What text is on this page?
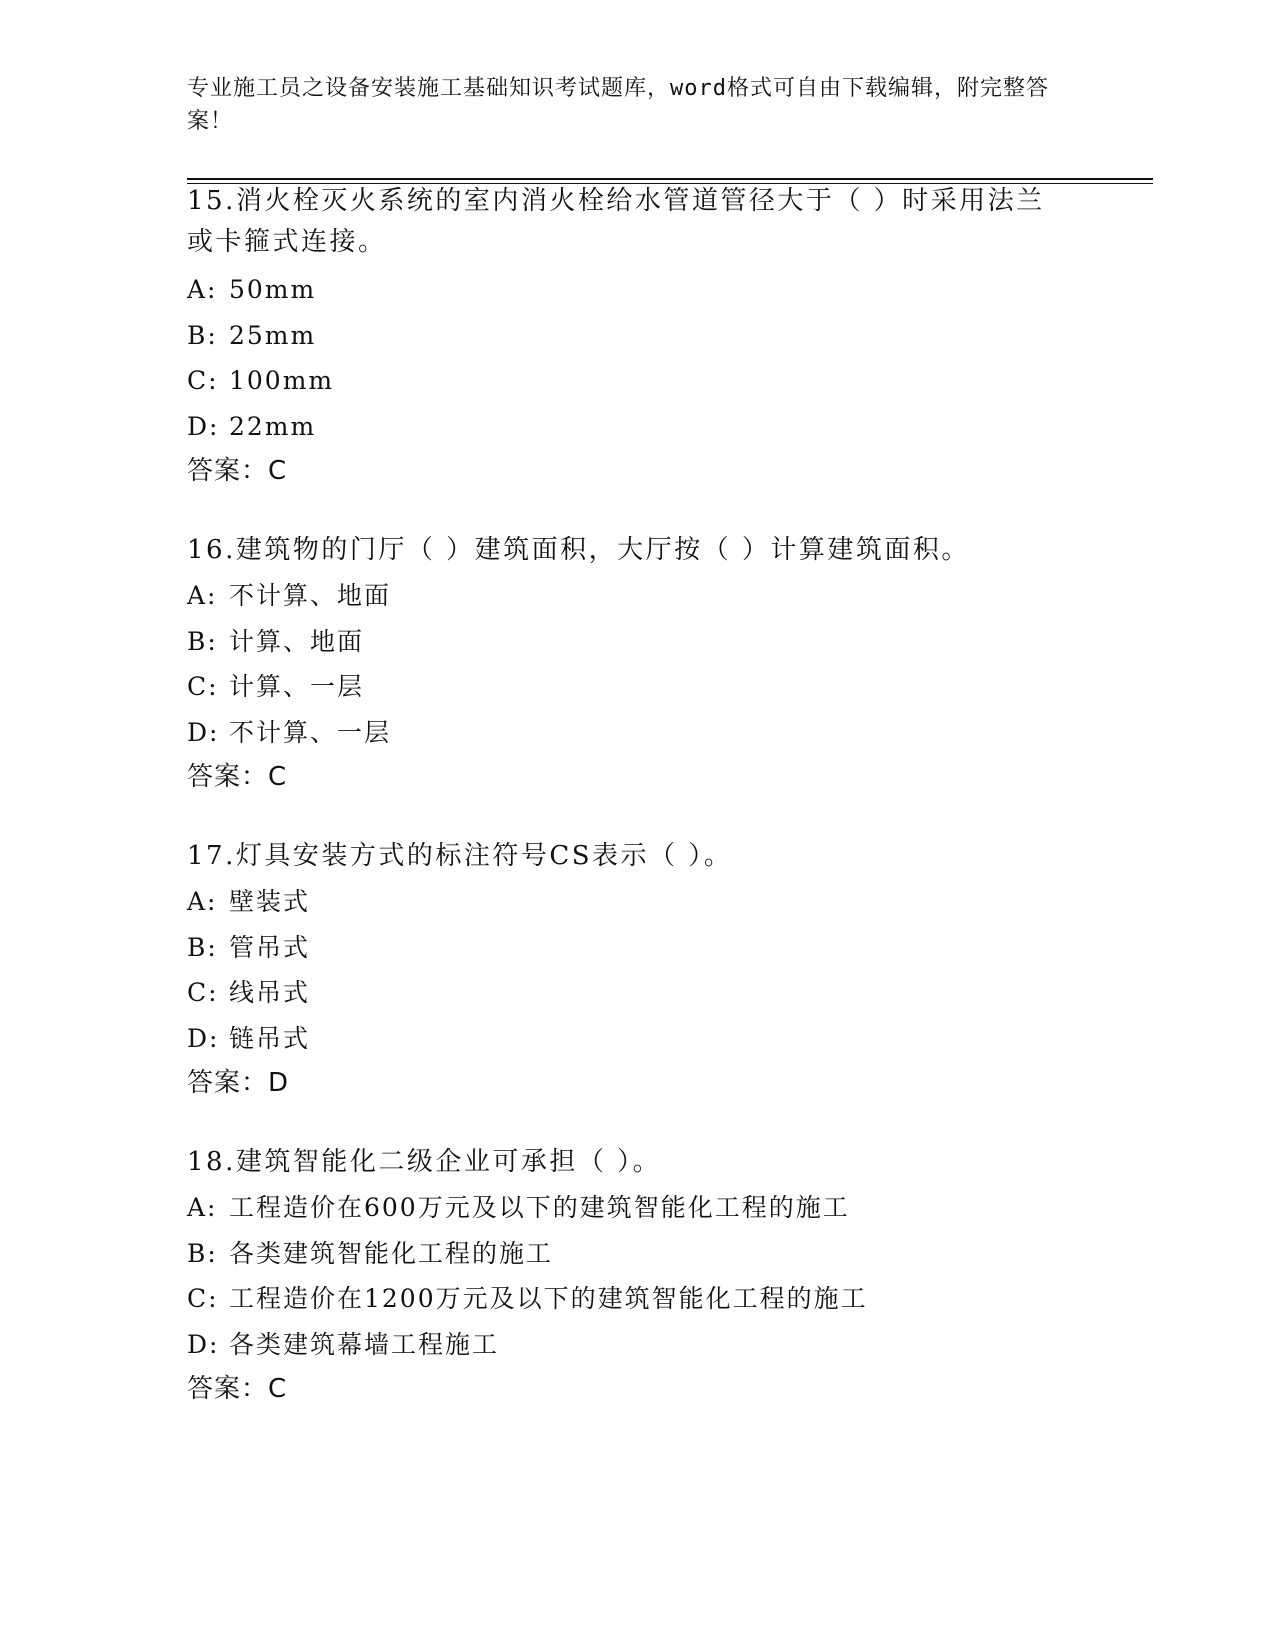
专业施工员之设备安装施工基础知识考试题库，word格式可自由下载编辑，附完整答案！

15.消火栓灭火系统的室内消火栓给水管道管径大于（ ）时采用法兰或卡箍式连接。

A: 50mm

B: 25mm

C: 100mm

D: 22mm

答案：C

16.建筑物的门厅（ ）建筑面积，大厅按（ ）计算建筑面积。

A: 不计算、地面

B: 计算、地面

C: 计算、一层

D: 不计算、一层

答案：C

17.灯具安装方式的标注符号CS表示（ ）。

A: 壁装式

B: 管吊式

C: 线吊式

D: 链吊式

答案：D

18.建筑智能化二级企业可承担（ ）。

A: 工程造价在600万元及以下的建筑智能化工程的施工

B: 各类建筑智能化工程的施工

C: 工程造价在1200万元及以下的建筑智能化工程的施工

D: 各类建筑幕墙工程施工

答案：C
